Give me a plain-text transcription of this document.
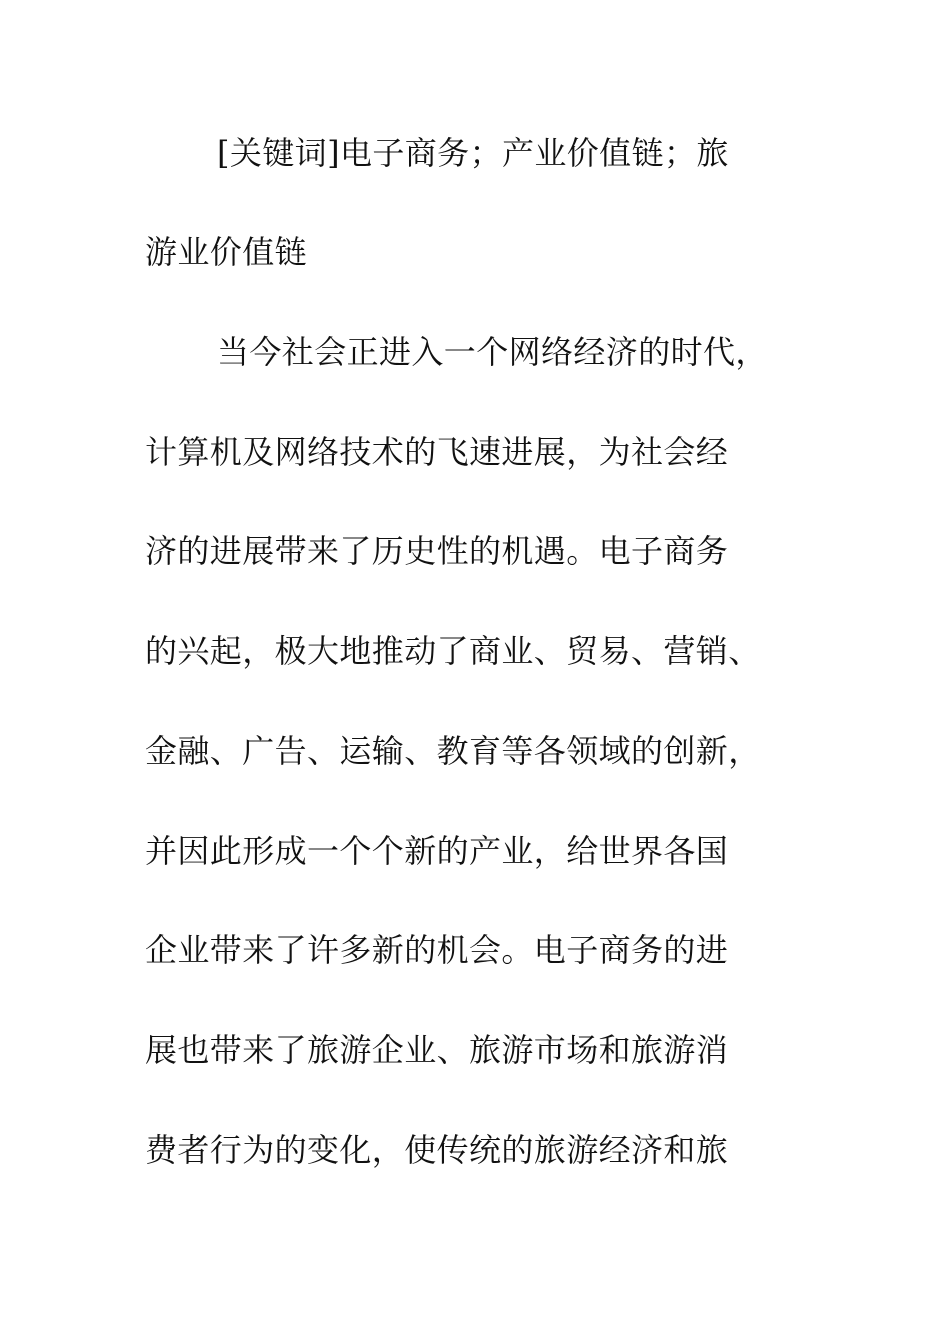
[关键词]电子商务；产业价值链；旅
游业价值链
当今社会正进入一个网络经济的时代，
计算机及网络技术的飞速进展，为社会经
济的进展带来了历史性的机遇。电子商务
的兴起，极大地推动了商业、贸易、营销、
金融、广告、运输、教育等各领域的创新，
并因此形成一个个新的产业，给世界各国
企业带来了许多新的机会。电子商务的进
展也带来了旅游企业、旅游市场和旅游消
费者行为的变化，使传统的旅游经济和旅
